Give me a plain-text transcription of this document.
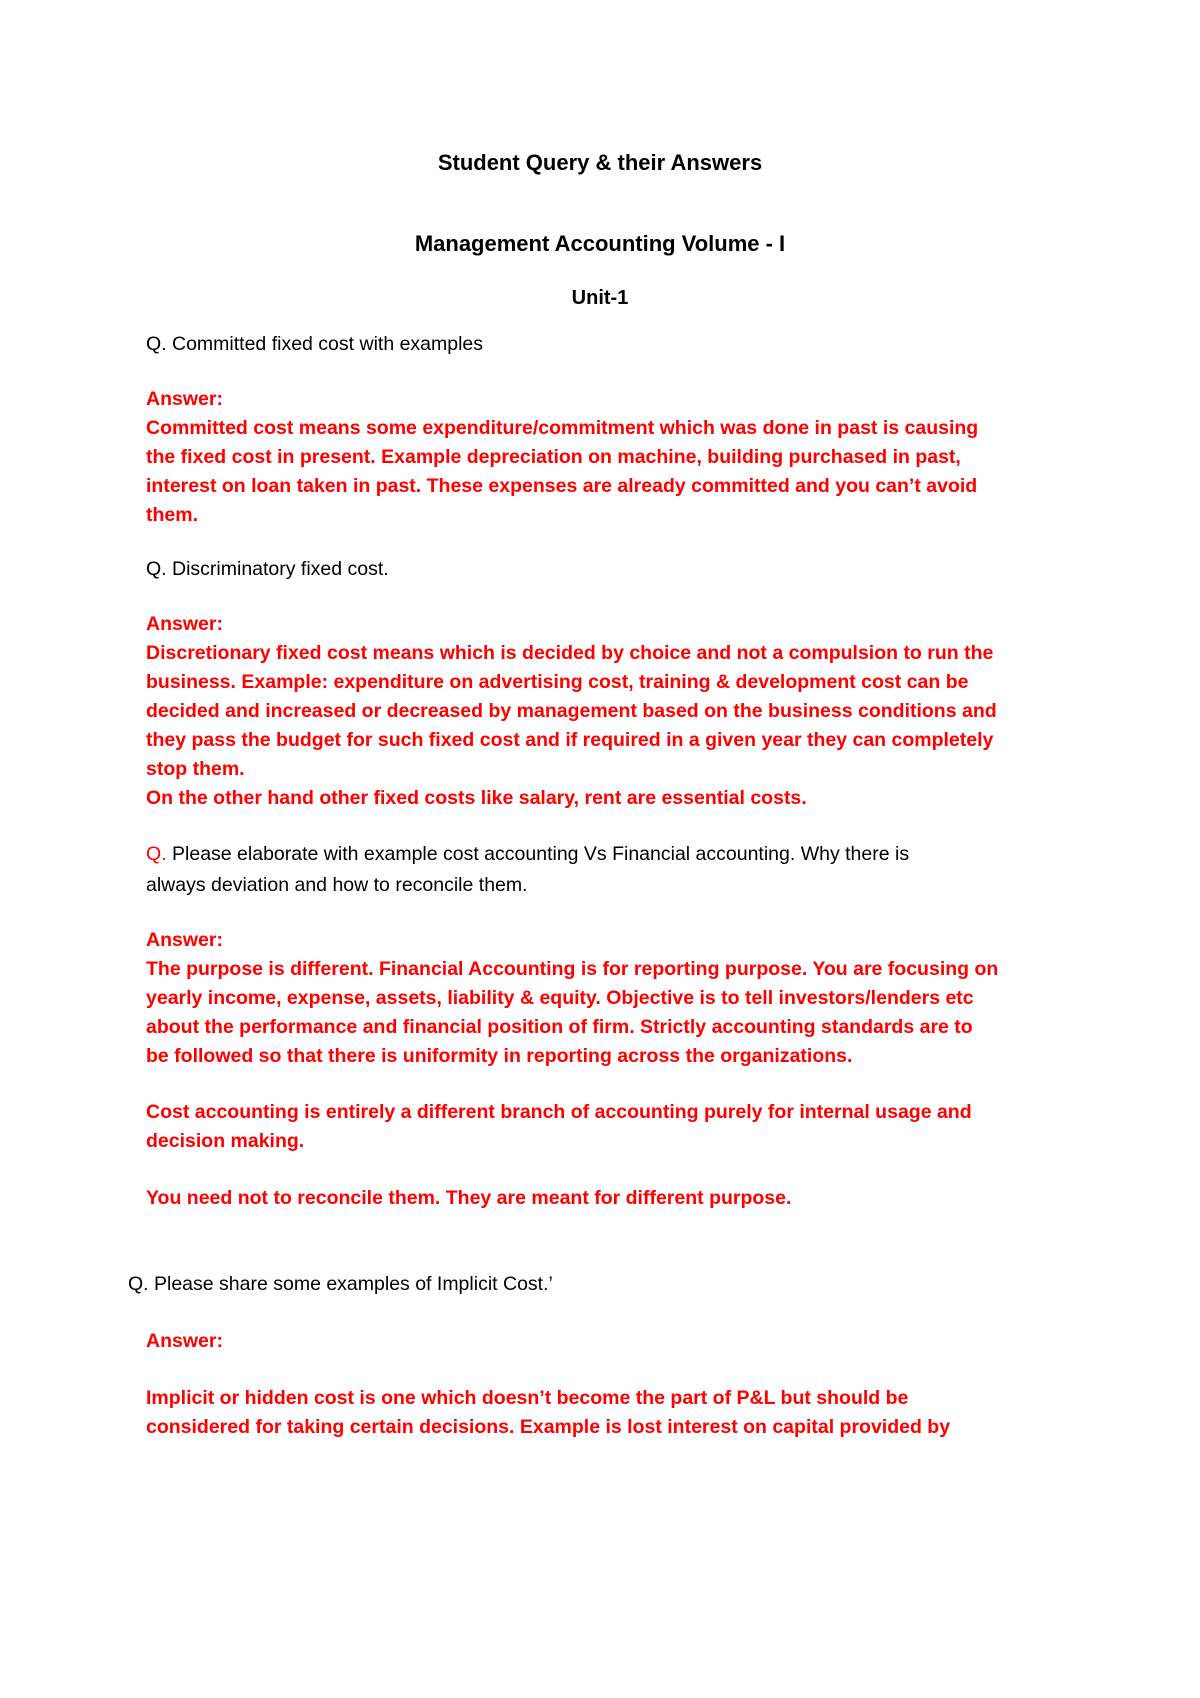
Student Query & their Answers
Management Accounting Volume - I
Unit-1
Q. Committed fixed cost with examples
Answer:
Committed cost means some expenditure/commitment which was done in past is causing
the fixed cost in present. Example depreciation on machine, building purchased in past,
interest on loan taken in past. These expenses are already committed and you can’t avoid
them.
Q. Discriminatory fixed cost.
Answer:
Discretionary fixed cost means which is decided by choice and not a compulsion to run the
business. Example: expenditure on advertising cost, training & development cost can be
decided and increased or decreased by management based on the business conditions and
they pass the budget for such fixed cost and if required in a given year they can completely
stop them.
On the other hand other fixed costs like salary, rent are essential costs.
Q. Please elaborate with example cost accounting Vs Financial accounting. Why there is
always deviation and how to reconcile them.
Answer:
The purpose is different. Financial Accounting is for reporting purpose. You are focusing on
yearly income, expense, assets, liability & equity. Objective is to tell investors/lenders etc
about the performance and financial position of firm. Strictly accounting standards are to
be followed so that there is uniformity in reporting across the organizations.
Cost accounting is entirely a different branch of accounting purely for internal usage and
decision making.
You need not to reconcile them. They are meant for different purpose.
Q. Please share some examples of Implicit Cost.’
Answer:
Implicit or hidden cost is one which doesn’t become the part of P&L but should be
considered for taking certain decisions. Example is lost interest on capital provided by
